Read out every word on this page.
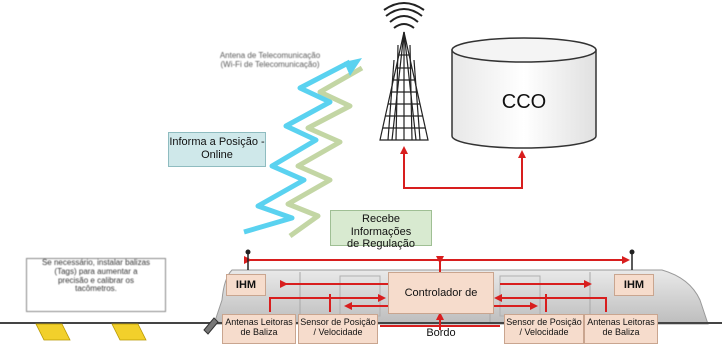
CCO
Antena de Telecomunicação
(Wi-Fi de Telecomunicação)
Informa a Posição -
Online
Recebe Informações
de Regulação
Se necessário, instalar balizas
(Tags) para aumentar a
precisão e calibrar os
tacômetros.	IHM	IHM
Controlador de Bordo
Antenas Leitoras
de Baliza
Sensor de Posição
/ Velocidade
Sensor de Posição
/ Velocidade
Antenas Leitoras
de Baliza
